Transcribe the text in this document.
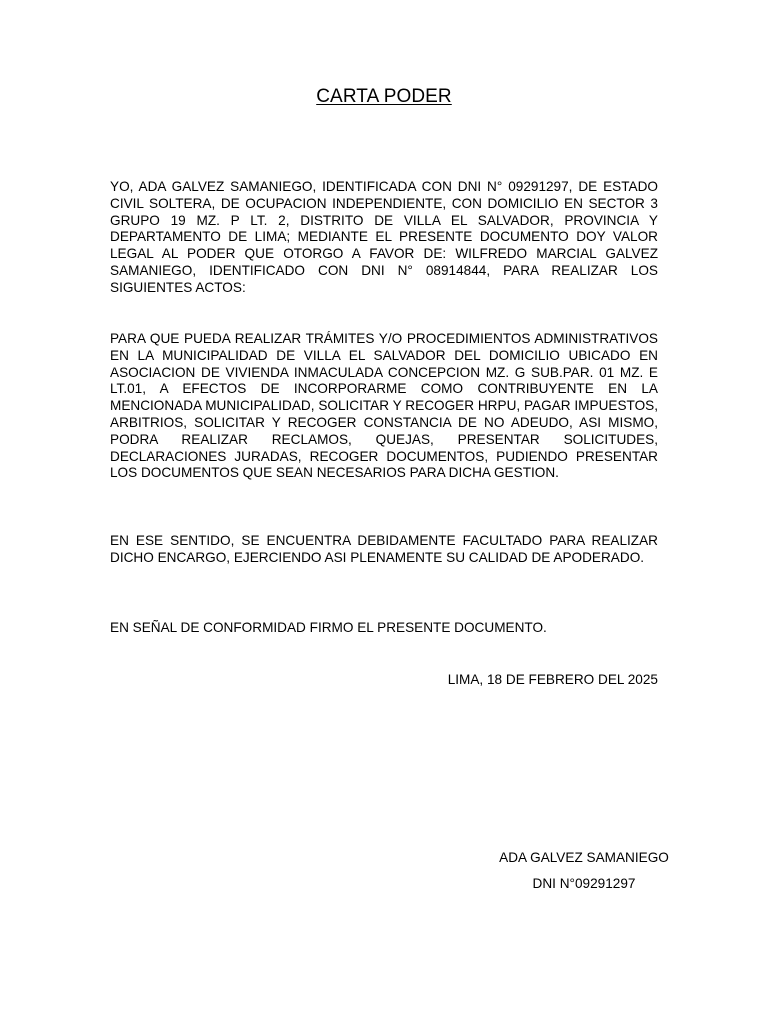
CARTA PODER

YO, ADA GALVEZ SAMANIEGO, IDENTIFICADA CON DNI N° 09291297, DE ESTADO CIVIL SOLTERA, DE OCUPACION INDEPENDIENTE, CON DOMICILIO EN SECTOR 3 GRUPO 19 MZ. P LT. 2, DISTRITO DE VILLA EL SALVADOR, PROVINCIA Y DEPARTAMENTO DE LIMA; MEDIANTE EL PRESENTE DOCUMENTO DOY VALOR LEGAL AL PODER QUE OTORGO A FAVOR DE: WILFREDO MARCIAL GALVEZ SAMANIEGO, IDENTIFICADO CON DNI N° 08914844, PARA REALIZAR LOS SIGUIENTES ACTOS:

PARA QUE PUEDA REALIZAR TRÁMITES Y/O PROCEDIMIENTOS ADMINISTRATIVOS EN LA MUNICIPALIDAD DE VILLA EL SALVADOR DEL DOMICILIO UBICADO EN ASOCIACION DE VIVIENDA INMACULADA CONCEPCION MZ. G SUB.PAR. 01 MZ. E LT.01, A EFECTOS DE INCORPORARME COMO CONTRIBUYENTE EN LA MENCIONADA MUNICIPALIDAD, SOLICITAR Y RECOGER HRPU, PAGAR IMPUESTOS, ARBITRIOS, SOLICITAR Y RECOGER CONSTANCIA DE NO ADEUDO, ASI MISMO, PODRA REALIZAR RECLAMOS, QUEJAS, PRESENTAR SOLICITUDES, DECLARACIONES JURADAS, RECOGER DOCUMENTOS, PUDIENDO PRESENTAR LOS DOCUMENTOS QUE SEAN NECESARIOS PARA DICHA GESTION.

EN ESE SENTIDO, SE ENCUENTRA DEBIDAMENTE FACULTADO PARA REALIZAR DICHO ENCARGO, EJERCIENDO ASI PLENAMENTE SU CALIDAD DE APODERADO.

EN SEÑAL DE CONFORMIDAD FIRMO EL PRESENTE DOCUMENTO.

LIMA, 18 DE FEBRERO DEL 2025
ADA GALVEZ SAMANIEGO
DNI N°09291297
